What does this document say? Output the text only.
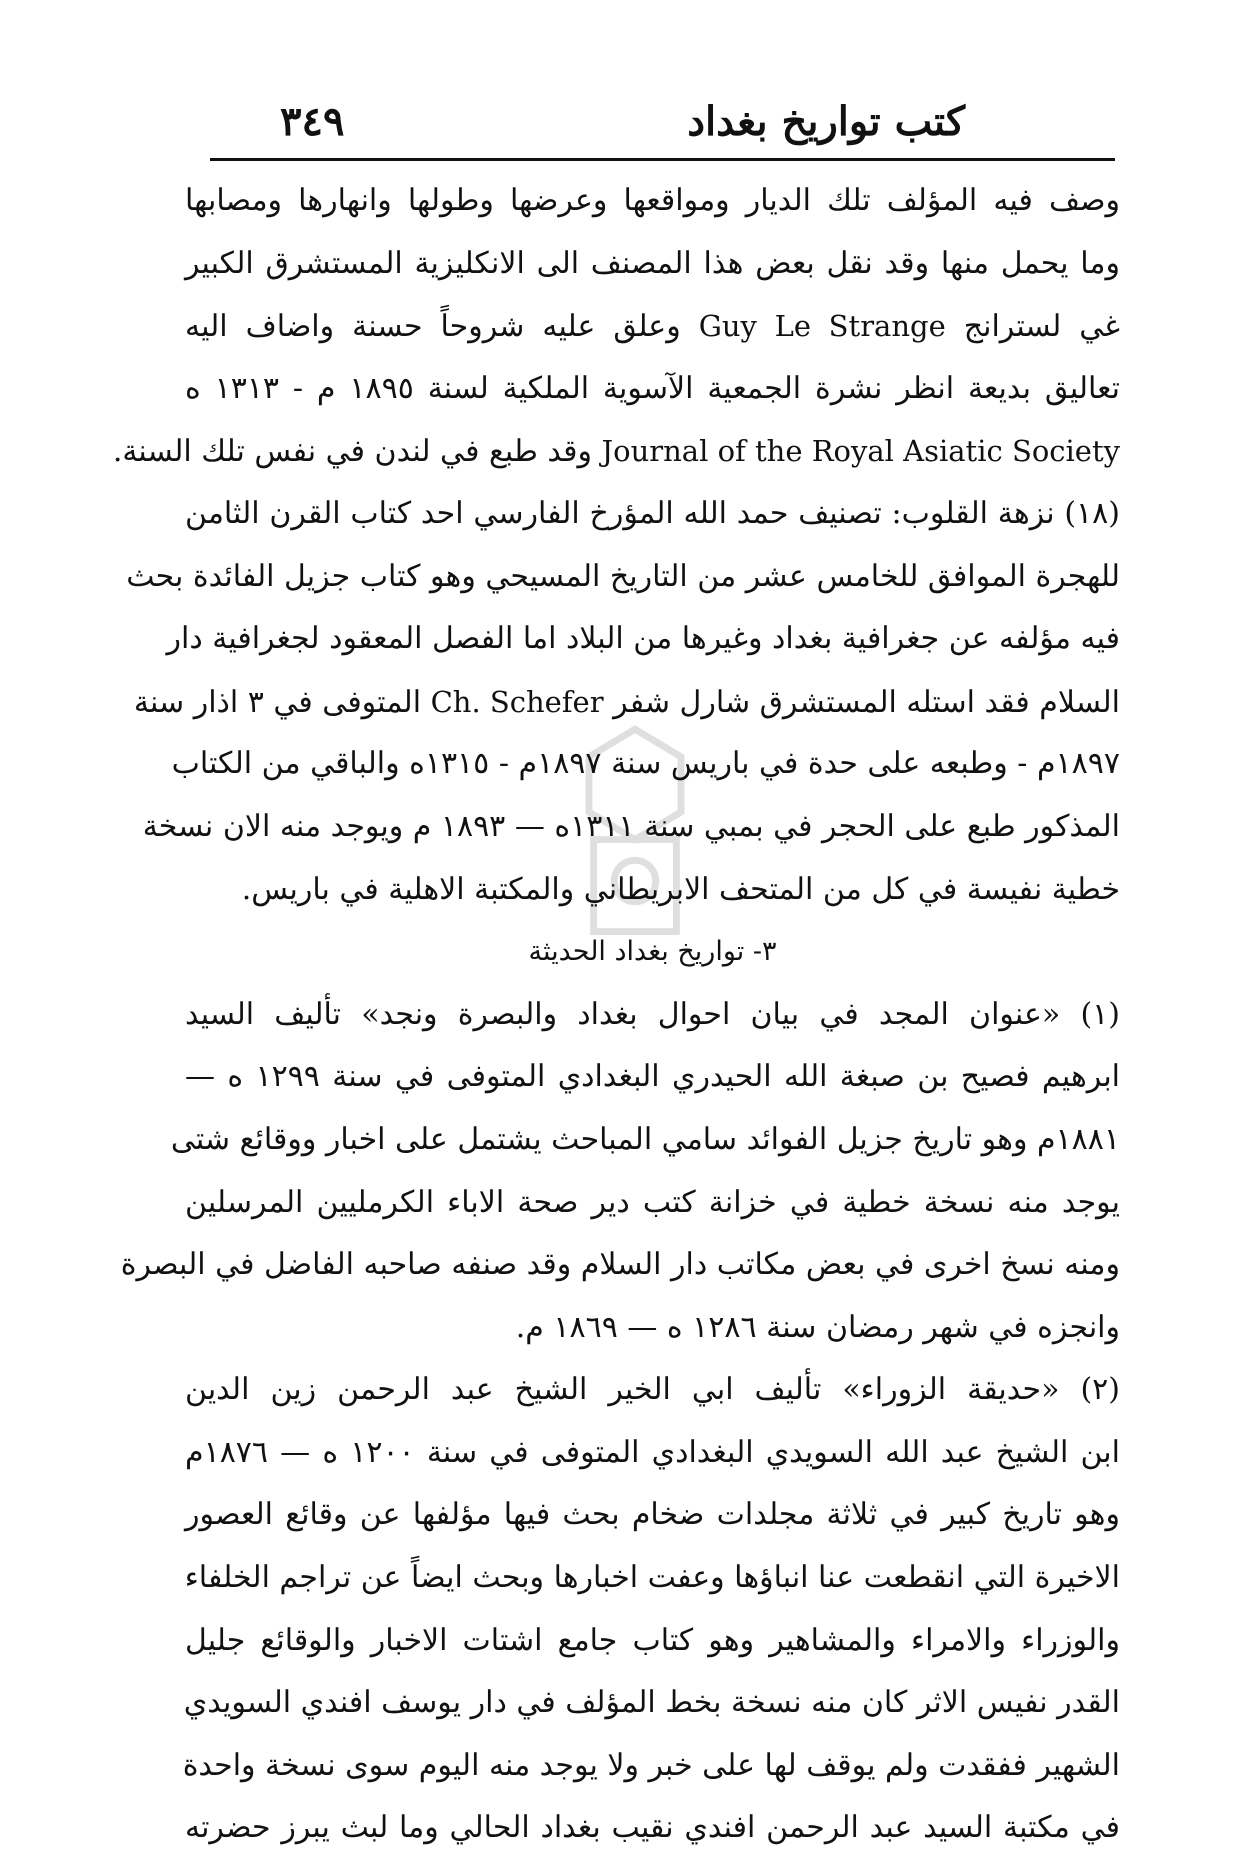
كتب تواريخ بغداد
٣٤٩
وصف فيه المؤلف تلك الديار ومواقعها وعرضها وطولها وانهارها ومصابها
وما يحمل منها وقد نقل بعض هذا المصنف الى الانكليزية المستشرق الكبير
غي لسترانج Guy Le Strange وعلق عليه شروحاً حسنة واضاف اليه
تعاليق بديعة انظر نشرة الجمعية الآسوية الملكية لسنة ١٨٩٥ م - ١٣١٣ ه
Journal of the Royal Asiatic Society وقد طبع في لندن في نفس تلك السنة.
(١٨) نزهة القلوب: تصنيف حمد الله المؤرخ الفارسي احد كتاب القرن الثامن
للهجرة الموافق للخامس عشر من التاريخ المسيحي وهو كتاب جزيل الفائدة بحث
فيه مؤلفه عن جغرافية بغداد وغيرها من البلاد اما الفصل المعقود لجغرافية دار
السلام فقد استله المستشرق شارل شفر Ch. Schefer المتوفى في ٣ اذار سنة
١٨٩٧م - وطبعه على حدة في باريس سنة ١٨٩٧م - ١٣١٥ه والباقي من الكتاب
المذكور طبع على الحجر في بمبي سنة ١٣١١ه — ١٨٩٣ م ويوجد منه الان نسخة
خطية نفيسة في كل من المتحف الابريطاني والمكتبة الاهلية في باريس.
٣- تواريخ بغداد الحديثة
(١) «عنوان المجد في بيان احوال بغداد والبصرة ونجد» تأليف السيد
ابرهيم فصيح بن صبغة الله الحيدري البغدادي المتوفى في سنة ١٢٩٩ ه —
١٨٨١م وهو تاريخ جزيل الفوائد سامي المباحث يشتمل على اخبار ووقائع شتى
يوجد منه نسخة خطية في خزانة كتب دير صحة الاباء الكرمليين المرسلين
ومنه نسخ اخرى في بعض مكاتب دار السلام وقد صنفه صاحبه الفاضل في البصرة
وانجزه في شهر رمضان سنة ١٢٨٦ ه — ١٨٦٩ م.
(٢) «حديقة الزوراء» تأليف ابي الخير الشيخ عبد الرحمن زين الدين
ابن الشيخ عبد الله السويدي البغدادي المتوفى في سنة ١٢٠٠ ه — ١٨٧٦م
وهو تاريخ كبير في ثلاثة مجلدات ضخام بحث فيها مؤلفها عن وقائع العصور
الاخيرة التي انقطعت عنا انباؤها وعفت اخبارها وبحث ايضاً عن تراجم الخلفاء
والوزراء والامراء والمشاهير وهو كتاب جامع اشتات الاخبار والوقائع جليل
القدر نفيس الاثر كان منه نسخة بخط المؤلف في دار يوسف افندي السويدي
الشهير ففقدت ولم يوقف لها على خبر ولا يوجد منه اليوم سوى نسخة واحدة
في مكتبة السيد عبد الرحمن افندي نقيب بغداد الحالي وما لبث يبرز حضرته
